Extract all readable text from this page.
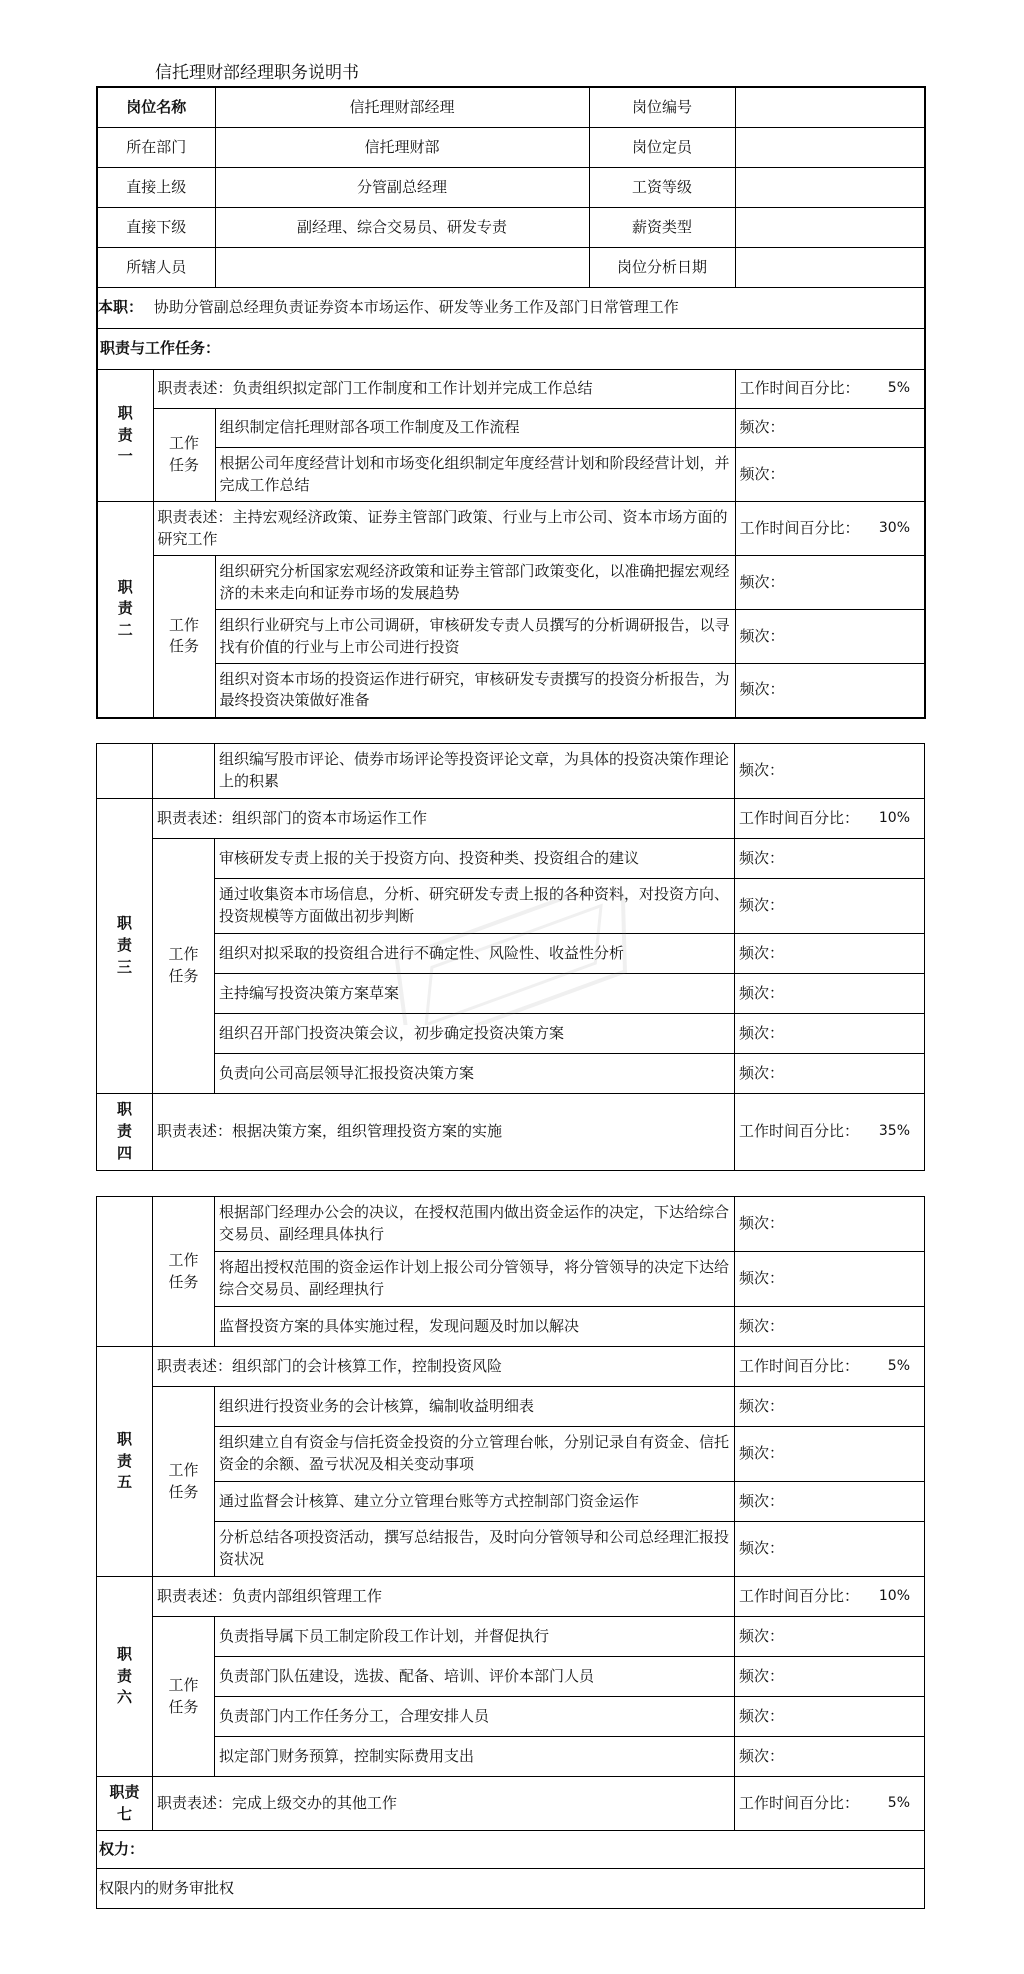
信托理财部经理职务说明书
岗位名称		信托理财部经理 岗位编号	

所在部门		信托理财部 岗位定员	

直接上级		分管副总经理 工资等级	

直接下级		副经理、综合交易员、研发专责 薪资类型	

所辖人员		岗位分析日期	

本职： 协助分管副总经理负责证券资本市场运作、研发等业务工作及部门日常管理工作			
职责与工作任务：			
职责一	职责表述：负责组织拟定部门工作制度和工作计划并完成工作总结		工作时间百分比： 5%

	工作任务	组织制定信托理财部各项工作制度及工作流程	频次：
		根据公司年度经营计划和市场变化组织制定年度经营计划和阶段经营计划，并完成工作总结	频次：
职责二	职责表述：主持宏观经济政策、证券主管部门政策、行业与上市公司、资本市场方面的研究工作		工作时间百分比： 30%

	工作任务	组织研究分析国家宏观经济政策和证券主管部门政策变化，以准确把握宏观经济的未来走向和证券市场的发展趋势	频次：
		组织行业研究与上市公司调研，审核研发专责人员撰写的分析调研报告，以寻找有价值的行业与上市公司进行投资	频次：
		组织对资本市场的投资运作进行研究，审核研发专责撰写的投资分析报告，为最终投资决策做好准备	频次：
		组织编写股市评论、债券市场评论等投资评论文章，为具体的投资决策作理论上的积累	频次：
职责三	职责表述：组织部门的资本市场运作工作		工作时间百分比： 10%

	工作任务	审核研发专责上报的关于投资方向、投资种类、投资组合的建议	频次：
		通过收集资本市场信息，分析、研究研发专责上报的各种资料，对投资方向、投资规模等方面做出初步判断	频次：
		组织对拟采取的投资组合进行不确定性、风险性、收益性分析	频次：
		主持编写投资决策方案草案	频次：
		组织召开部门投资决策会议，初步确定投资决策方案	频次：
		负责向公司高层领导汇报投资决策方案	频次：
职责四	职责表述：根据决策方案，组织管理投资方案的实施		工作时间百分比： 35%
	工作任务	根据部门经理办公会的决议，在授权范围内做出资金运作的决定，下达给综合交易员、副经理具体执行	频次：
		将超出授权范围的资金运作计划上报公司分管领导，将分管领导的决定下达给综合交易员、副经理执行	频次：
		监督投资方案的具体实施过程，发现问题及时加以解决	频次：
职责五	职责表述：组织部门的会计核算工作，控制投资风险		工作时间百分比： 5%

	工作任务	组织进行投资业务的会计核算，编制收益明细表	频次：
		组织建立自有资金与信托资金投资的分立管理台帐，分别记录自有资金、信托资金的余额、盈亏状况及相关变动事项	频次：
		通过监督会计核算、建立分立管理台账等方式控制部门资金运作	频次：
		分析总结各项投资活动，撰写总结报告，及时向分管领导和公司总经理汇报投资状况	频次：
职责六	职责表述：负责内部组织管理工作		工作时间百分比： 10%

	工作任务	负责指导属下员工制定阶段工作计划，并督促执行	频次：
		负责部门队伍建设，选拔、配备、培训、评价本部门人员	频次：
		负责部门内工作任务分工，合理安排人员	频次：
		拟定部门财务预算，控制实际费用支出	频次：
职责七	职责表述：完成上级交办的其他工作		工作时间百分比： 5%

权力：			
权限内的财务审批权			
